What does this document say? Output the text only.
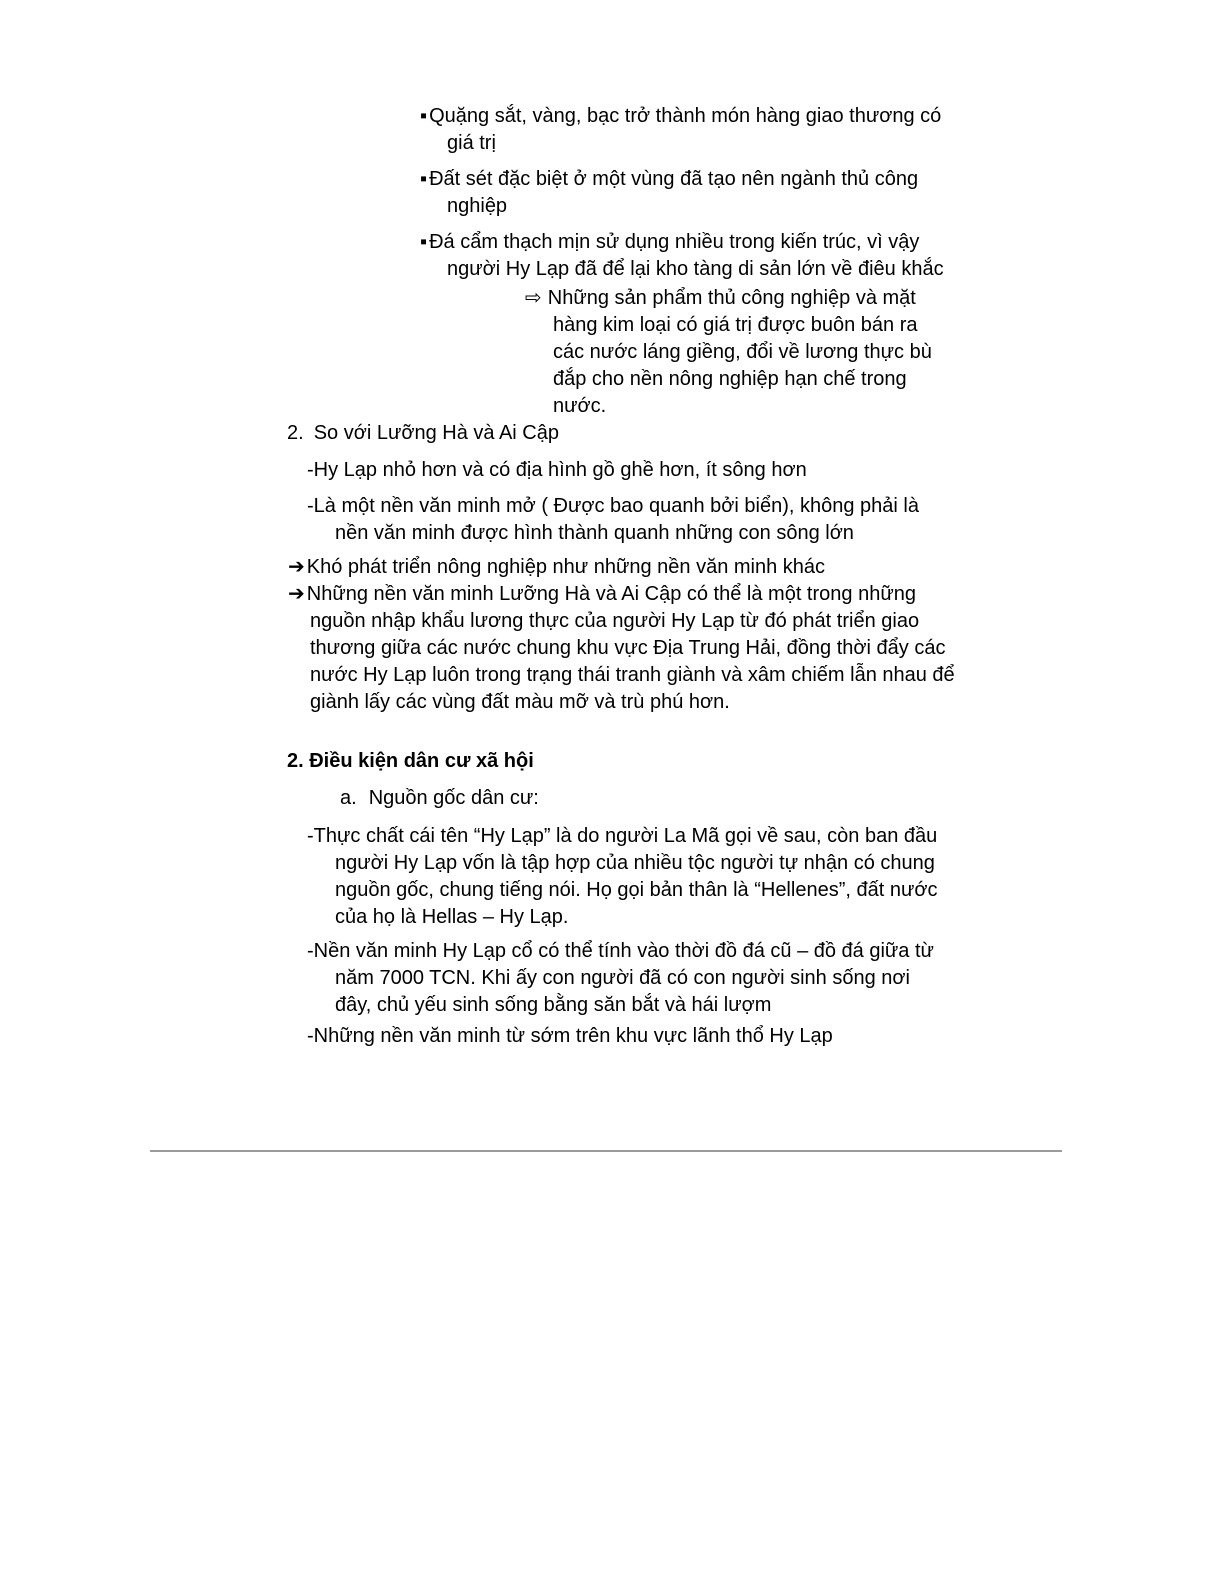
▪ Quặng sắt, vàng, bạc trở thành món hàng giao thương có giá trị
▪ Đất sét đặc biệt ở một vùng đã tạo nên ngành thủ công nghiệp
▪ Đá cẩm thạch mịn sử dụng nhiều trong kiến trúc, vì vậy người Hy Lạp đã để lại kho tàng di sản lớn về điêu khắc
⇨ Những sản phẩm thủ công nghiệp và mặt hàng kim loại có giá trị được buôn bán ra các nước láng giềng, đổi về lương thực bù đắp cho nền nông nghiệp hạn chế trong nước.
2. So với Lưỡng Hà và Ai Cập
-Hy Lạp nhỏ hơn và có địa hình gồ ghề hơn, ít sông hơn
-Là một nền văn minh mở ( Được bao quanh bởi biển), không phải là nền văn minh được hình thành quanh những con sông lớn
➔ Khó phát triển nông nghiệp như những nền văn minh khác
➔ Những nền văn minh Lưỡng Hà và Ai Cập có thể là một trong những nguồn nhập khẩu lương thực của người Hy Lạp từ đó phát triển giao thương giữa các nước chung khu vực Địa Trung Hải, đồng thời đẩy các nước Hy Lạp luôn trong trạng thái tranh giành và xâm chiếm lẫn nhau để giành lấy các vùng đất màu mỡ và trù phú hơn.
2. Điều kiện dân cư xã hội
a. Nguồn gốc dân cư:
-Thực chất cái tên “Hy Lạp” là do người La Mã gọi về sau, còn ban đầu người Hy Lạp vốn là tập hợp của nhiều tộc người tự nhận có chung nguồn gốc, chung tiếng nói. Họ gọi bản thân là “Hellenes”, đất nước của họ là Hellas – Hy Lạp.
-Nền văn minh Hy Lạp cổ có thể tính vào thời đồ đá cũ – đồ đá giữa từ năm 7000 TCN. Khi ấy con người đã có con người sinh sống nơi đây, chủ yếu sinh sống bằng săn bắt và hái lượm
-Những nền văn minh từ sớm trên khu vực lãnh thổ Hy Lạp
